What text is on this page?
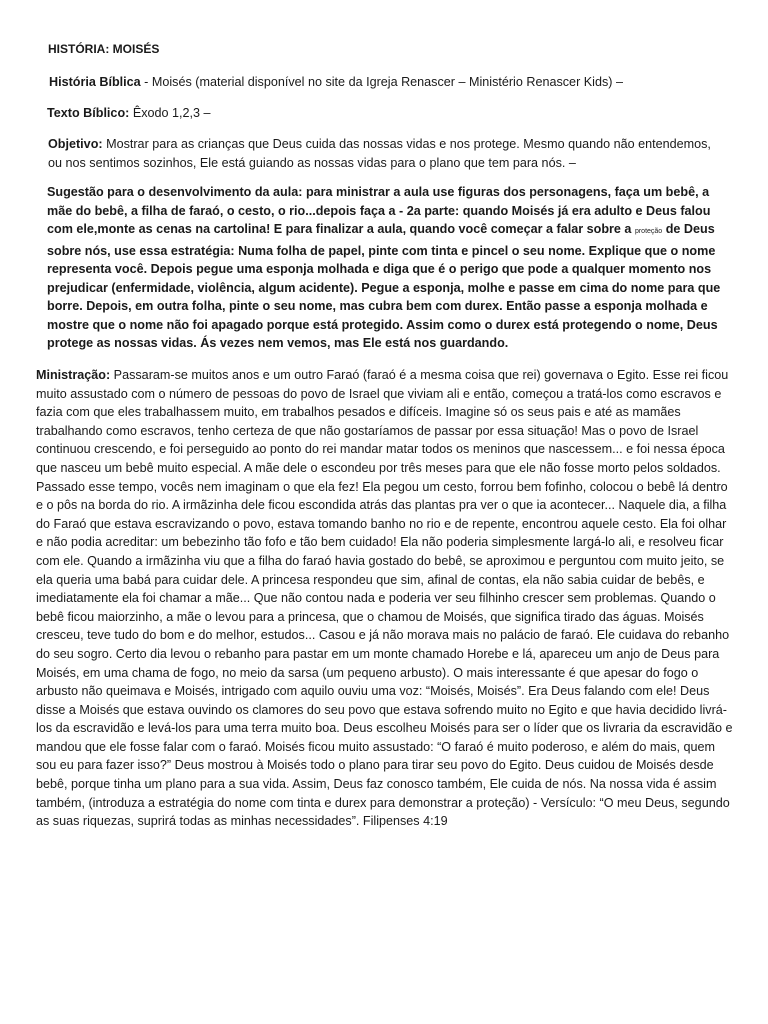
HISTÓRIA: MOISÉS
História Bíblica - Moisés (material disponível no site da Igreja Renascer – Ministério Renascer Kids) –
Texto Bíblico: Êxodo 1,2,3 –
Objetivo: Mostrar para as crianças que Deus cuida das nossas vidas e nos protege. Mesmo quando não entendemos, ou nos sentimos sozinhos, Ele está guiando as nossas vidas para o plano que tem para nós. –
Sugestão para o desenvolvimento da aula: para ministrar a aula use figuras dos personagens, faça um bebê, a mãe do bebê, a filha de faraó, o cesto, o rio...depois faça a - 2a parte: quando Moisés já era adulto e Deus falou com ele,monte as cenas na cartolina! E para finalizar a aula, quando você começar a falar sobre a proteção de Deus sobre nós, use essa estratégia: Numa folha de papel, pinte com tinta e pincel o seu nome. Explique que o nome representa você. Depois pegue uma esponja molhada e diga que é o perigo que pode a qualquer momento nos prejudicar (enfermidade, violência, algum acidente). Pegue a esponja, molhe e passe em cima do nome para que borre. Depois, em outra folha, pinte o seu nome, mas cubra bem com durex. Então passe a esponja molhada e mostre que o nome não foi apagado porque está protegido. Assim como o durex está protegendo o nome, Deus protege as nossas vidas. Ás vezes nem vemos, mas Ele está nos guardando.
Ministração: Passaram-se muitos anos e um outro Faraó (faraó é a mesma coisa que rei) governava o Egito. Esse rei ficou muito assustado com o número de pessoas do povo de Israel que viviam ali e então, começou a tratá-los como escravos e fazia com que eles trabalhassem muito, em trabalhos pesados e difíceis. Imagine só os seus pais e até as mamães trabalhando como escravos, tenho certeza de que não gostaríamos de passar por essa situação! Mas o povo de Israel continuou crescendo, e foi perseguido ao ponto do rei mandar matar todos os meninos que nascessem... e foi nessa época que nasceu um bebê muito especial. A mãe dele o escondeu por três meses para que ele não fosse morto pelos soldados. Passado esse tempo, vocês nem imaginam o que ela fez! Ela pegou um cesto, forrou bem fofinho, colocou o bebê lá dentro e o pôs na borda do rio. A irmãzinha dele ficou escondida atrás das plantas pra ver o que ia acontecer... Naquele dia, a filha do Faraó que estava escravizando o povo, estava tomando banho no rio e de repente, encontrou aquele cesto. Ela foi olhar e não podia acreditar: um bebezinho tão fofo e tão bem cuidado! Ela não poderia simplesmente largá-lo ali, e resolveu ficar com ele. Quando a irmãzinha viu que a filha do faraó havia gostado do bebê, se aproximou e perguntou com muito jeito, se ela queria uma babá para cuidar dele. A princesa respondeu que sim, afinal de contas, ela não sabia cuidar de bebês, e imediatamente ela foi chamar a mãe... Que não contou nada e poderia ver seu filhinho crescer sem problemas. Quando o bebê ficou maiorzinho, a mãe o levou para a princesa, que o chamou de Moisés, que significa tirado das águas. Moisés cresceu, teve tudo do bom e do melhor, estudos... Casou e já não morava mais no palácio de faraó. Ele cuidava do rebanho do seu sogro. Certo dia levou o rebanho para pastar em um monte chamado Horebe e lá, apareceu um anjo de Deus para Moisés, em uma chama de fogo, no meio da sarsa (um pequeno arbusto). O mais interessante é que apesar do fogo o arbusto não queimava e Moisés, intrigado com aquilo ouviu uma voz: “Moisés, Moisés”. Era Deus falando com ele! Deus disse a Moisés que estava ouvindo os clamores do seu povo que estava sofrendo muito no Egito e que havia decidido livrá-los da escravidão e levá-los para uma terra muito boa. Deus escolheu Moisés para ser o líder que os livraria da escravidão e mandou que ele fosse falar com o faraó. Moisés ficou muito assustado: “O faraó é muito poderoso, e além do mais, quem sou eu para fazer isso?” Deus mostrou à Moisés todo o plano para tirar seu povo do Egito. Deus cuidou de Moisés desde bebê, porque tinha um plano para a sua vida. Assim, Deus faz conosco também, Ele cuida de nós. Na nossa vida é assim também, (introduza a estratégia do nome com tinta e durex para demonstrar a proteção) - Versículo: “O meu Deus, segundo as suas riquezas, suprirá todas as minhas necessidades”. Filipenses 4:19
